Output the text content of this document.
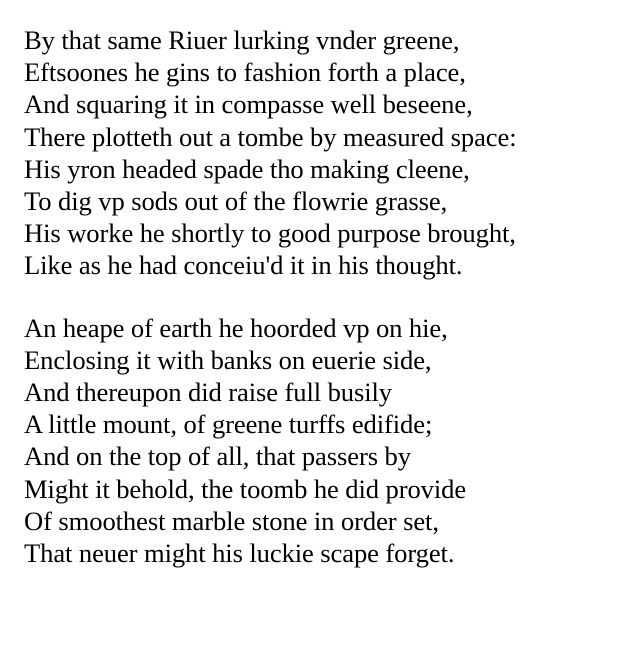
By that same Riuer lurking vnder greene,
Eftsoones he gins to fashion forth a place,
And squaring it in compasse well beseene,
There plotteth out a tombe by measured space:
His yron headed spade tho making cleene,
To dig vp sods out of the flowrie grasse,
His worke he shortly to good purpose brought,
Like as he had conceiu'd it in his thought.
An heape of earth he hoorded vp on hie,
Enclosing it with banks on euerie side,
And thereupon did raise full busily
A little mount, of greene turffs edifide;
And on the top of all, that passers by
Might it behold, the toomb he did provide
Of smoothest marble stone in order set,
That neuer might his luckie scape forget.
